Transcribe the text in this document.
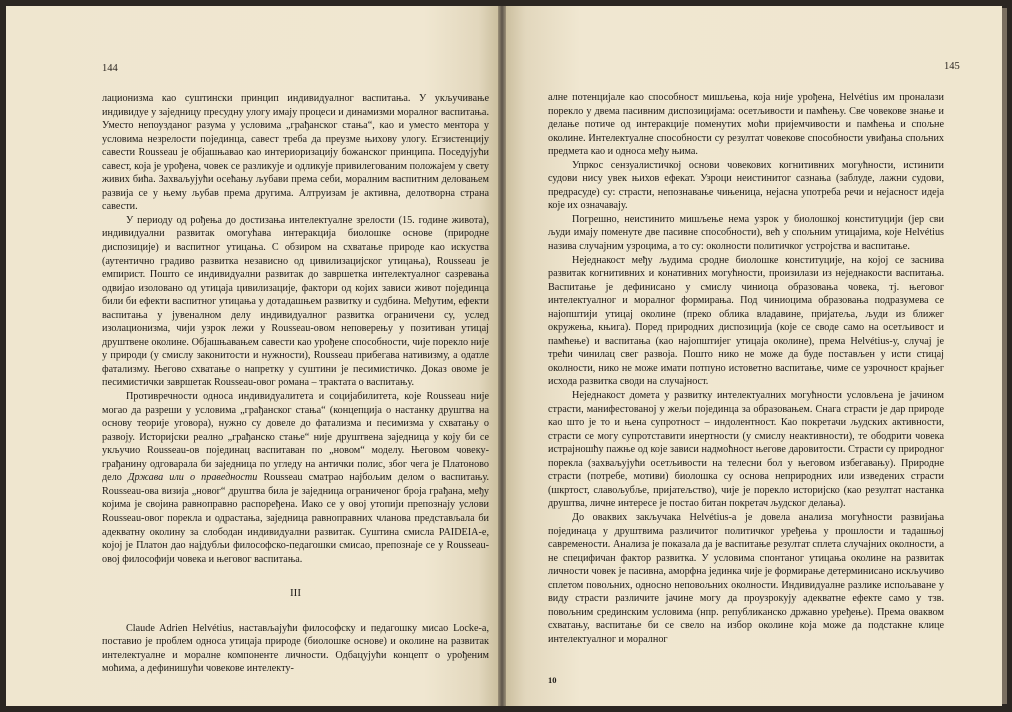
144

лационизма као суштински принцип индивидуалног васпитања. У укључивање индивидуе у заједницу пресудну улогу имају процеси и динамизми моралног васпитања. Уместо непоузданог разума у условима „грађанског стања“, као и уместо ментора у условима незрелости појединца, савест треба да преузме њихову улогу. Егзистенцију савести Rousseau је објашњавао као интериоризацију божанског принципа. Поседујући савест, која је урођена, човек се разликује и одликује привилегованим положајем у свету живих бића. Захваљујући осећању љубави према себи, моралним васпитним деловањем развија се у њему љубав према другима. Алтруизам је активна, делотворна страна савести.

У периоду од рођења до достизања интелектуалне зрелости (15. године живота), индивидуални развитак омогућава интеракција биолошке основе (природне диспозиције) и васпитног утицања. С обзиром на схватање природе као искуства (аутентично градиво развитка независно од цивилизацијског утицања), Rousseau је емпирист. Пошто се индивидуални развитак до завршетка интелектуалног сазревања одвијао изоловано од утицаја цивилизације, фактори од којих зависи живот појединца били би ефекти васпитног утицања у дотадашњем развитку и судбина. Међутим, ефекти васпитања у јувеналном делу индивидуалног развитка ограничени су, услед изолационизма, чији узрок лежи у Rousseau-овом неповерењу у позитиван утицај друштвене околине. Објашњавањем савести као урођене способности, чије порекло није у природи (у смислу законитости и нужности), Rousseau прибегава нативизму, а одатле фатализму. Његово схватање о напретку у суштини је песимистичко. Доказ овоме је песимистички завршетак Rousseau-овог романа – трактата о васпитању.

Противречности односа индивидуалитета и социјабилитета, које Rousseau није могао да разреши у условима „грађанског стања“ (концепција о настанку друштва на основу теорије уговора), нужно су довеле до фатализма и песимизма у схватању о развоју. Историјски реално „грађанско стање“ није друштвена заједница у коју би се укључио Rousseau-ов појединац васпитаван по „новом“ моделу. Његовом човеку-грађанину одговарала би заједница по угледу на антички полис, због чега је Платоново дело Држава или о праведности Rousseau смaтрао најбољим делом о васпитању. Rousseau-ова визија „новог“ друштва била је заједница ограниченог броја грађана, међу којима је својина равноправно распоређена. Иако се у овој утопији препознају услови Rousseau-овог порекла и одрастања, заједница равноправних чланова представљала би адекватну околину за слободан индивидуални развитак. Суштина смисла PAIDEIA-е, којој је Платон дао најдубљи философско-педагошки смисао, препознаје се у Rousseau-овој философији човека и његовог васпитања.

III

Claude Adrien Helvétius, настављајући философску и педагошку мисао Locke-а, поставио је проблем односа утицаја природе (биолошке основе) и околине на развитак интелектуалне и моралне компоненте личности. Одбацујући концепт о урођеним моћима, а дефинишући човекове интелекту-

145

алне потенцијале као способност мишљења, која није урођена, Helvétius им проналази порекло у двема пасивним диспозицијама: осетљивости и памћењу. Све човекове знање и делање потиче од интеракције поменутих моћи пријемчивости и памћења и спољне околине. Интелектуалне способности су резултат човекове способности увиђања спољних предмета као и односа међу њима.

Упркос сензуалистичкој основи човекових когнитивних могућности, истинити судови нису увек њихов ефекат. Узроци неистинитог сазнања (заблуде, лажни судови, предрасуде) су: страсти, непознавање чињеница, нејасна употреба речи и нејасност идеја које их означавају.

Погрешно, неистинито мишљење нема узрок у биолошкој конституцији (јер сви људи имају поменуте две пасивне способности), већ у спољним утицајима, које Helvétius назива случајним узроцима, а то су: околности политичког устројства и васпитање.

Неједнакост међу људима сродне биолошке конституције, на којој се заснива развитак когнитивних и конативних могућности, произилази из неједнакости васпитања. Васпитање је дефинисано у смислу чиниоца образовања човека, тј. његовог интелектуалног и моралног формирања. Под чиниоцима образовања подразумева се најопштији утицај околине (преко облика владавине, пријатеља, људи из ближег окружења, књига). Поред природних диспозиција (које се своде само на осетљивост и памћење) и васпитања (као најопштијег утицаја околине), према Helvétius-у, случај је трећи чинилац свег развоја. Пошто нико не може да буде постављен у исти стицај околности, нико не може имати потпуно истоветно васпитање, чиме се узрочност крајњег исхода развитка своди на случајност.

Неједнакост домета у развитку интелектуалних могућности условљена је јачином страсти, манифестованој у жељи појединца за образовањем. Снага страсти је дар природе као што је то и њена супротност – индолентност. Као покретачи људских активности, страсти се могу супротставити инертности (у смислу неактивности), те ободрити човека истрајношћу пажње од које зависи надмоћност његове даровитости. Страсти су природног порекла (захваљујући осетљивости на телесни бол у његовом избегавању). Природне страсти (потребе, мотиви) биолошка су основа неприродних или изведених страсти (шкртост, славољубље, пријатељство), чије је порекло историјско (као резултат настанка друштва, личне интересе је постао битан покретач људског делања).

До оваквих закључака Helvétius-а је довела анализа могућности развијања појединаца у друштвима различитог политичког уређења у прошлости и тадашњој савремености. Анализа је показала да је васпитање резултат сплета случајних околности, а не специфичан фактор развитка. У условима спонтаног утицања околине на развитак личности човек је пасивна, аморфна јединка чије је формирање детерминисано искључиво сплетом повољних, односно неповољних околности. Индивидуалне разлике испољаване у виду страсти различите јачине могу да проузрокују адекватне ефекте само у тзв. повољним срединским условима (нпр. републиканско државно уређење). Према оваквом схватању, васпитање би се свело на избор околине која може да подстакне клице интелектуалног и моралног

10
